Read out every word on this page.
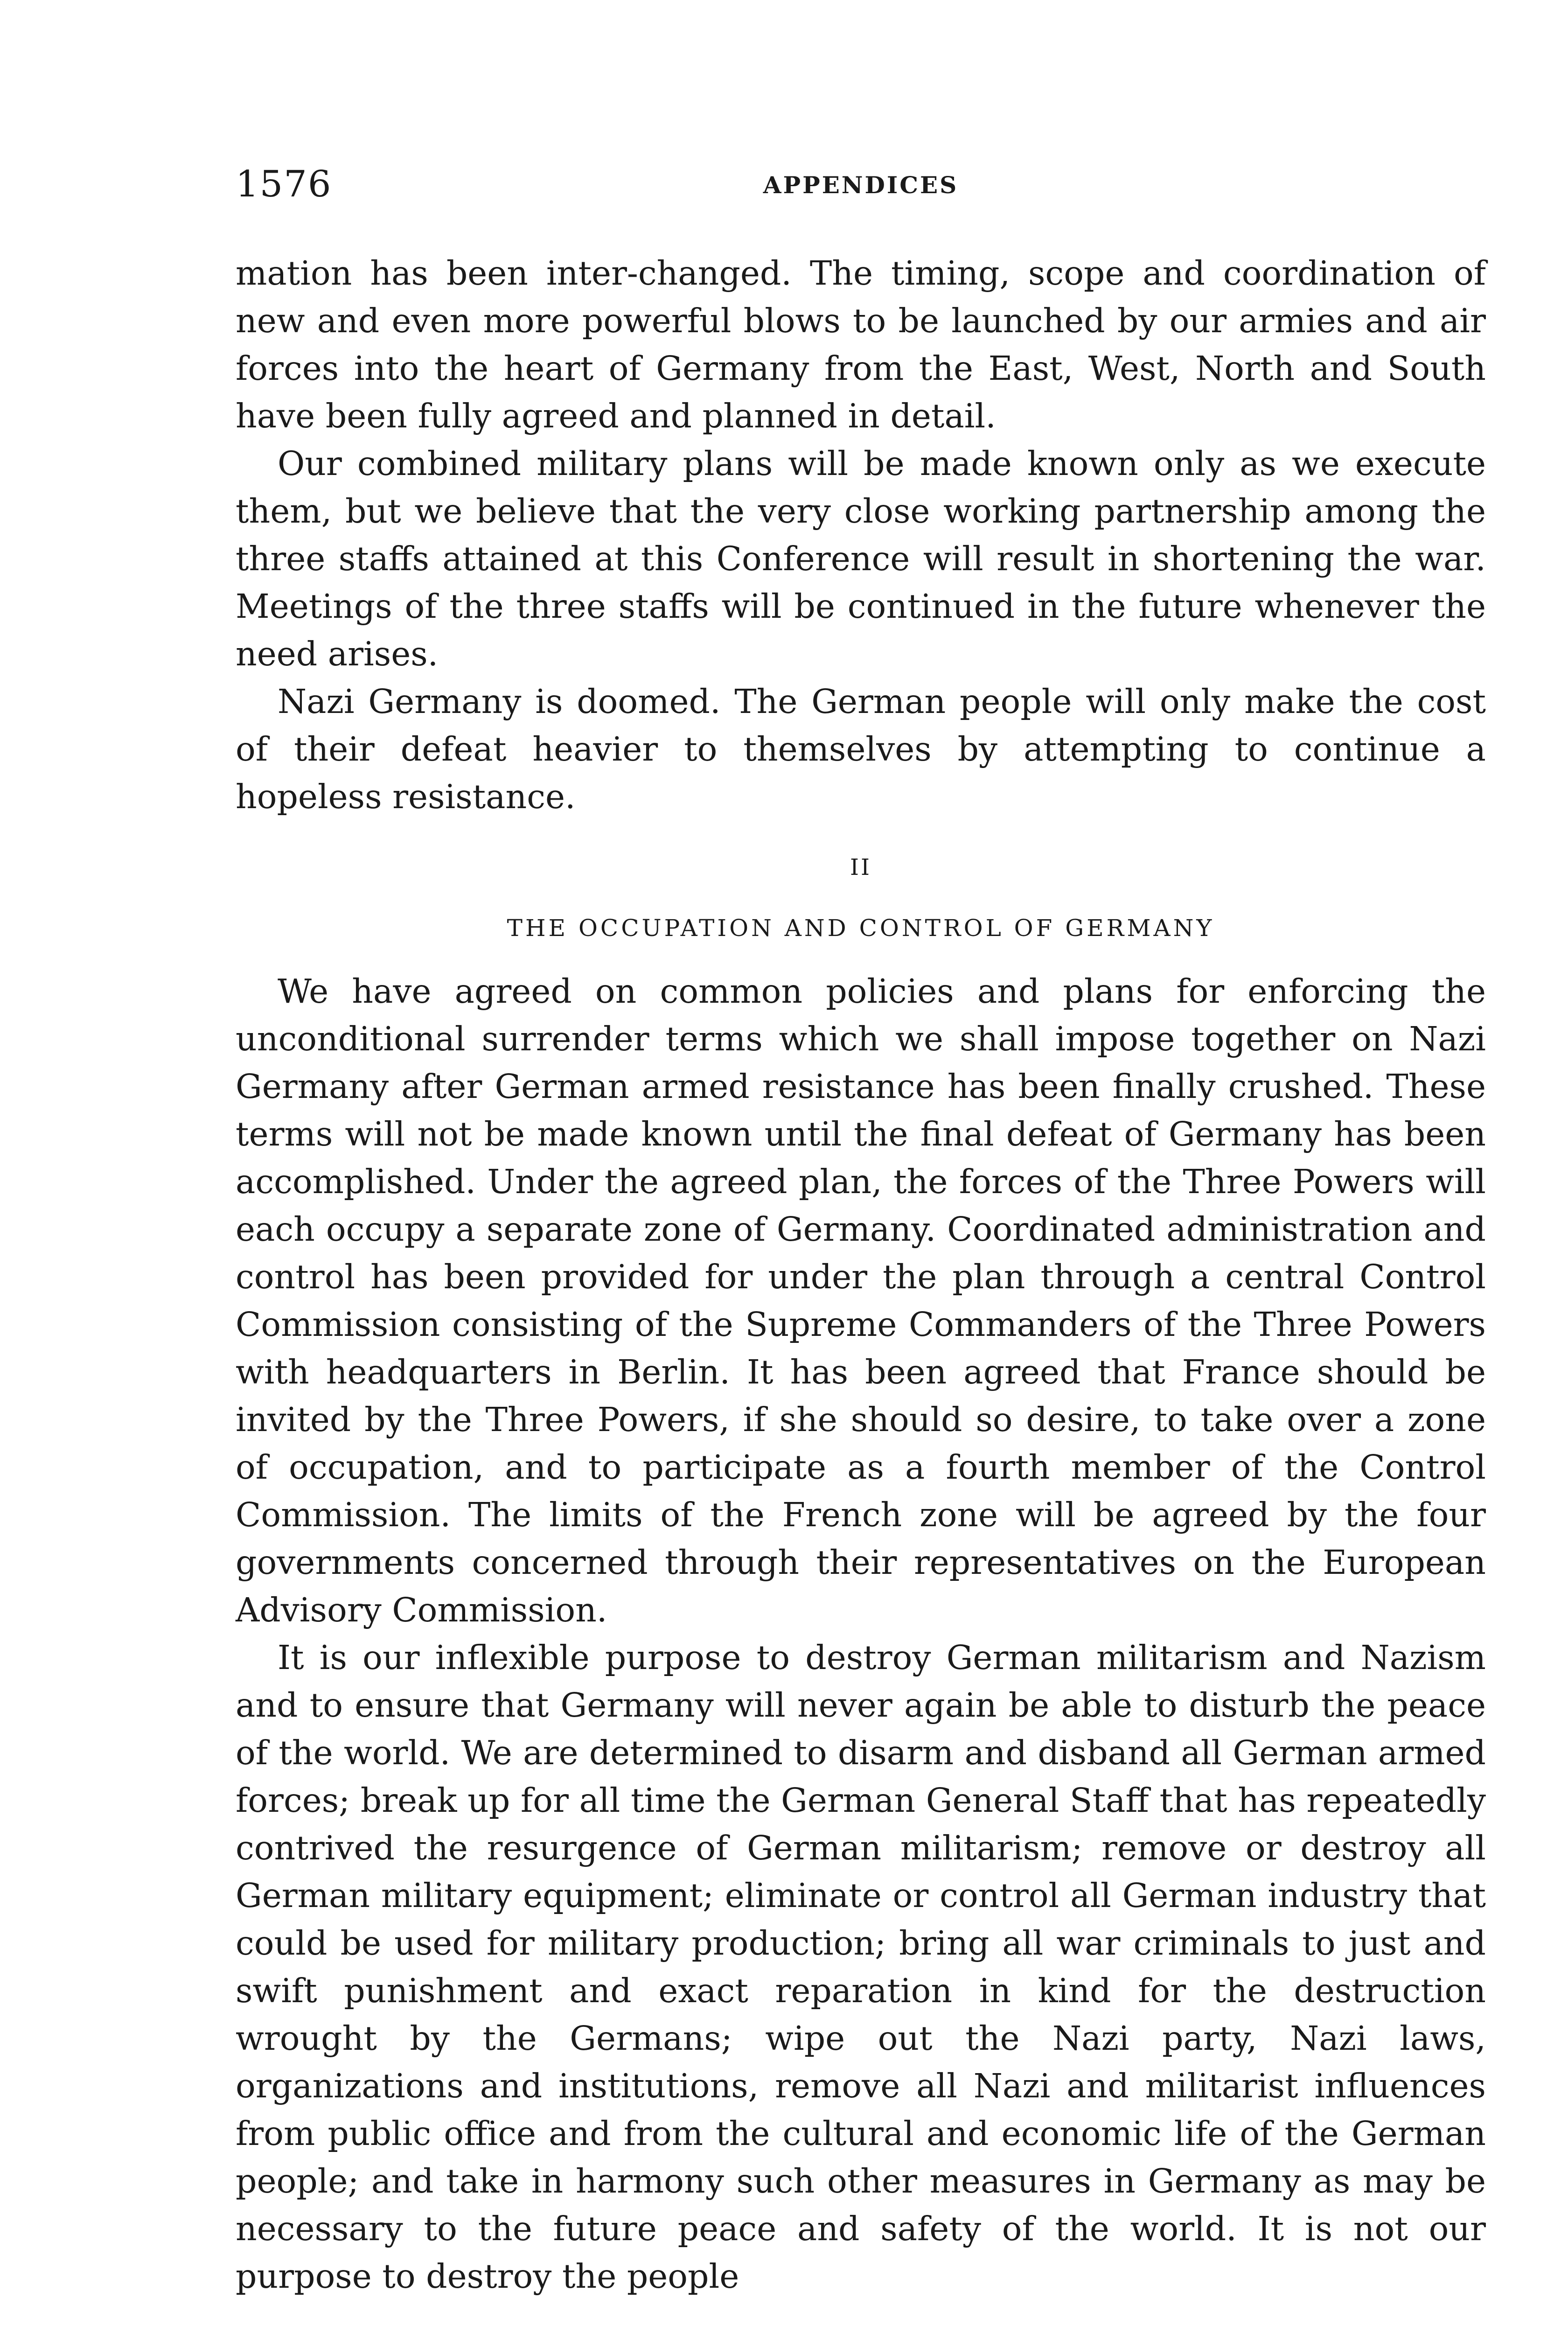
1576	APPENDICES

mation has been inter-changed. The timing, scope and coordination of new and even more powerful blows to be launched by our armies and air forces into the heart of Germany from the East, West, North and South have been fully agreed and planned in detail.

Our combined military plans will be made known only as we execute them, but we believe that the very close working partnership among the three staffs attained at this Conference will result in shortening the war. Meetings of the three staffs will be continued in the future whenever the need arises.

Nazi Germany is doomed. The German people will only make the cost of their defeat heavier to themselves by attempting to continue a hopeless resistance.

II
THE OCCUPATION AND CONTROL OF GERMANY

We have agreed on common policies and plans for enforcing the unconditional surrender terms which we shall impose together on Nazi Germany after German armed resistance has been finally crushed. These terms will not be made known until the final defeat of Germany has been accomplished. Under the agreed plan, the forces of the Three Powers will each occupy a separate zone of Germany. Coordinated administration and control has been provided for under the plan through a central Control Commission consisting of the Supreme Commanders of the Three Powers with headquarters in Berlin. It has been agreed that France should be invited by the Three Powers, if she should so desire, to take over a zone of occupation, and to participate as a fourth member of the Control Commission. The limits of the French zone will be agreed by the four governments concerned through their representatives on the European Advisory Commission.

It is our inflexible purpose to destroy German militarism and Nazism and to ensure that Germany will never again be able to disturb the peace of the world. We are determined to disarm and disband all German armed forces; break up for all time the German General Staff that has repeatedly contrived the resurgence of German militarism; remove or destroy all German military equipment; eliminate or control all German industry that could be used for military production; bring all war criminals to just and swift punishment and exact reparation in kind for the destruction wrought by the Germans; wipe out the Nazi party, Nazi laws, organizations and institutions, remove all Nazi and militarist influences from public office and from the cultural and economic life of the German people; and take in harmony such other measures in Germany as may be necessary to the future peace and safety of the world. It is not our purpose to destroy the people
